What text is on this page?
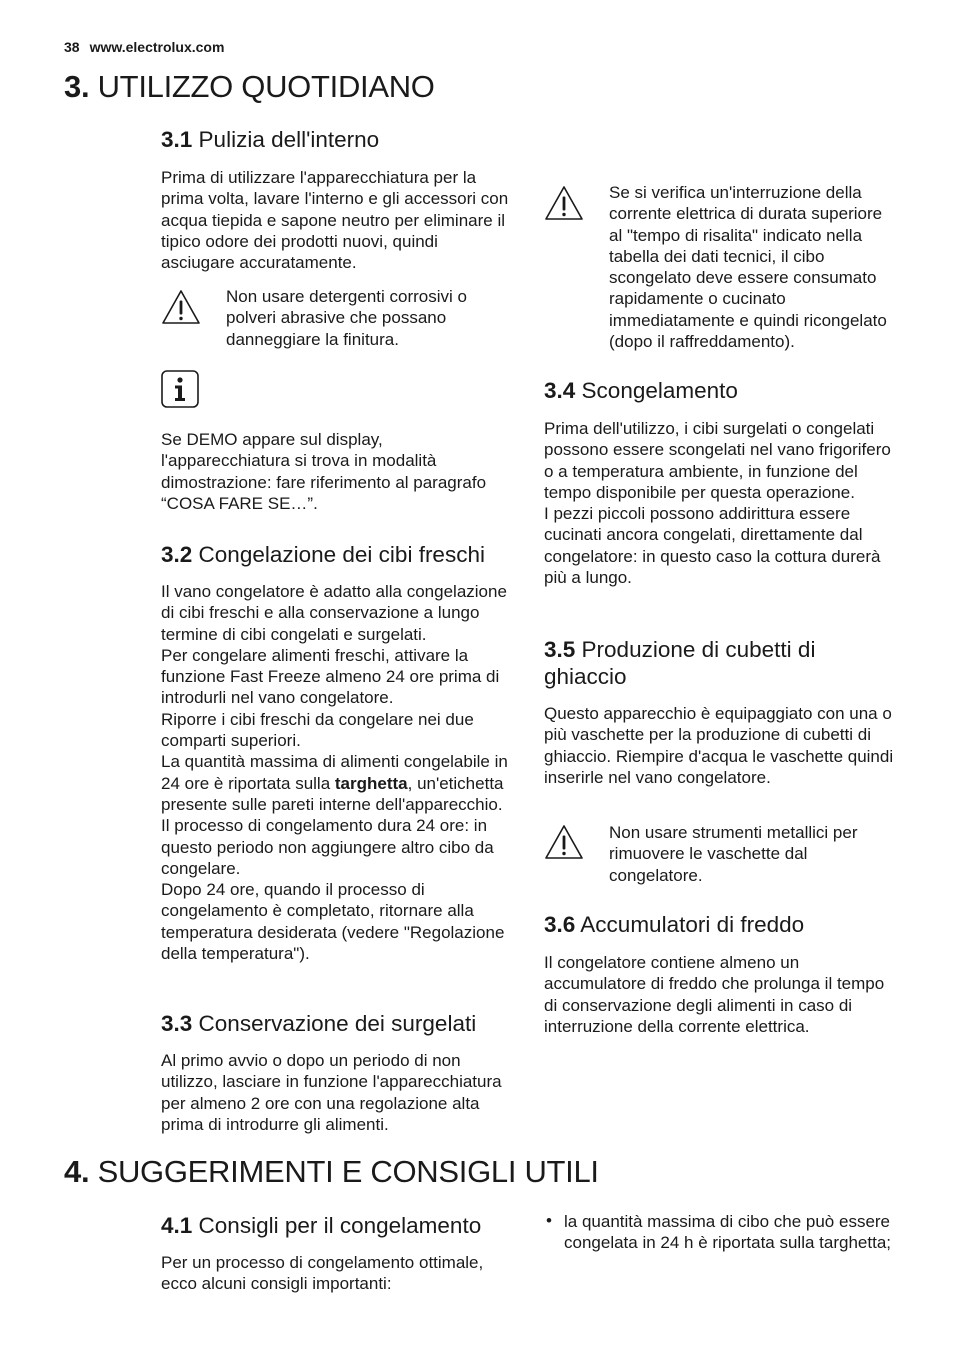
38 www.electrolux.com
3. UTILIZZO QUOTIDIANO
3.1 Pulizia dell'interno
Prima di utilizzare l'apparecchiatura per la prima volta, lavare l'interno e gli accessori con acqua tiepida e sapone neutro per eliminare il tipico odore dei prodotti nuovi, quindi asciugare accuratamente.
Non usare detergenti corrosivi o polveri abrasive che possano danneggiare la finitura.
Se DEMO appare sul display, l'apparecchiatura si trova in modalità dimostrazione: fare riferimento al paragrafo “COSA FARE SE…”.
3.2 Congelazione dei cibi freschi
Il vano congelatore è adatto alla congelazione di cibi freschi e alla conservazione a lungo termine di cibi congelati e surgelati.
Per congelare alimenti freschi, attivare la funzione Fast Freeze almeno 24 ore prima di introdurli nel vano congelatore.
Riporre i cibi freschi da congelare nei due comparti superiori.
La quantità massima di alimenti congelabile in 24 ore è riportata sulla targhetta, un'etichetta presente sulle pareti interne dell'apparecchio.
Il processo di congelamento dura 24 ore: in questo periodo non aggiungere altro cibo da congelare.
Dopo 24 ore, quando il processo di congelamento è completato, ritornare alla temperatura desiderata (vedere "Regolazione della temperatura").
3.3 Conservazione dei surgelati
Al primo avvio o dopo un periodo di non utilizzo, lasciare in funzione l'apparecchiatura per almeno 2 ore con una regolazione alta prima di introdurre gli alimenti.
Se si verifica un'interruzione della corrente elettrica di durata superiore al "tempo di risalita" indicato nella tabella dei dati tecnici, il cibo scongelato deve essere consumato rapidamente o cucinato immediatamente e quindi ricongelato (dopo il raffreddamento).
3.4 Scongelamento
Prima dell'utilizzo, i cibi surgelati o congelati possono essere scongelati nel vano frigorifero o a temperatura ambiente, in funzione del tempo disponibile per questa operazione.
I pezzi piccoli possono addirittura essere cucinati ancora congelati, direttamente dal congelatore: in questo caso la cottura durerà più a lungo.
3.5 Produzione di cubetti di ghiaccio
Questo apparecchio è equipaggiato con una o più vaschette per la produzione di cubetti di ghiaccio. Riempire d'acqua le vaschette quindi inserirle nel vano congelatore.
Non usare strumenti metallici per rimuovere le vaschette dal congelatore.
3.6 Accumulatori di freddo
Il congelatore contiene almeno un accumulatore di freddo che prolunga il tempo di conservazione degli alimenti in caso di interruzione della corrente elettrica.
4. SUGGERIMENTI E CONSIGLI UTILI
4.1 Consigli per il congelamento
Per un processo di congelamento ottimale, ecco alcuni consigli importanti:
• la quantità massima di cibo che può essere congelata in 24 h è riportata sulla targhetta;
